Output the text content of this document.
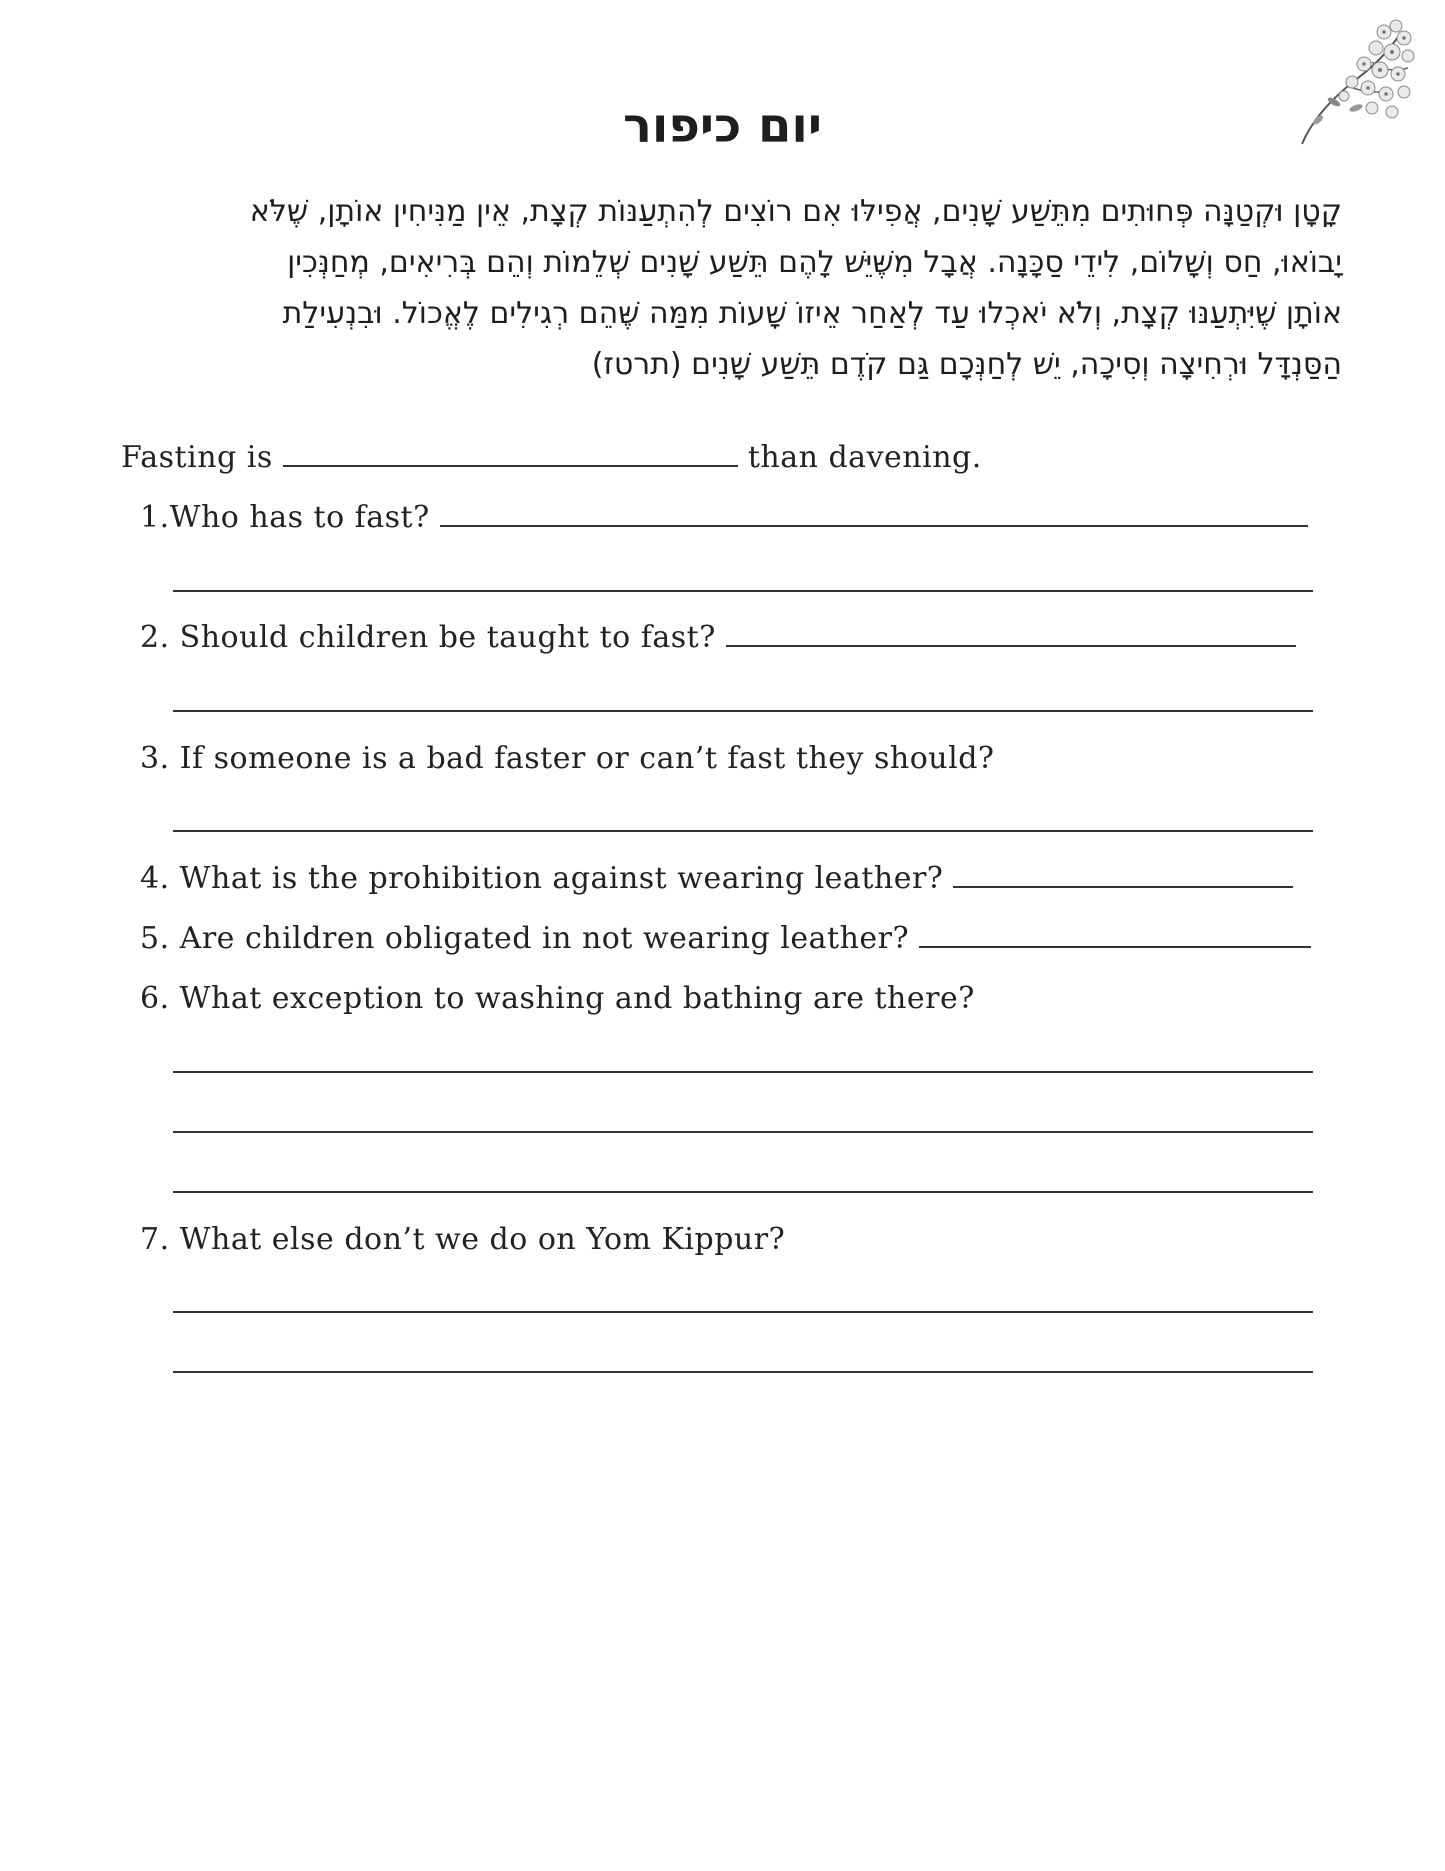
יום כיפור
קָטָן וּקְטַנָּה פְּחוּתִים מִתֵּשַׁע שָׁנִים, אֲפִילּוּ אִם רוֹצִים לְהִתְעַנּוֹת קְצָת, אֵין מַנִּיחִין אוֹתָן, שֶׁלֹּא
יָבוֹאוּ, חַס וְשָׁלוֹם, לִידֵי סַכָּנָה. אֲבָל מִשֶּׁיֵּשׁ לָהֶם תֵּשַׁע שָׁנִים שְׁלֵמוֹת וְהֵם בְּרִיאִים, מְחַנְּכִין
אוֹתָן שֶׁיִּתְעַנּוּ קְצָת, וְלֹא יֹאכְלוּ עַד לְאַחַר אֵיזוֹ שָׁעוֹת מִמַּה שֶּׁהֵם רְגִילִים לֶאֱכוֹל. וּבִנְעִילַת
הַסַּנְדָּל וּרְחִיצָה וְסִיכָה, יֵשׁ לְחַנְּכָם גַּם קֹדֶם תֵּשַׁע שָׁנִים (תרטז)
Fasting is	than davening.
1.Who has to fast?
2. Should children be taught to fast?
3. If someone is a bad faster or can’t fast they should?
4. What is the prohibition against wearing leather?
5. Are children obligated in not wearing leather?
6. What exception to washing and bathing are there?
7. What else don’t we do on Yom Kippur?
